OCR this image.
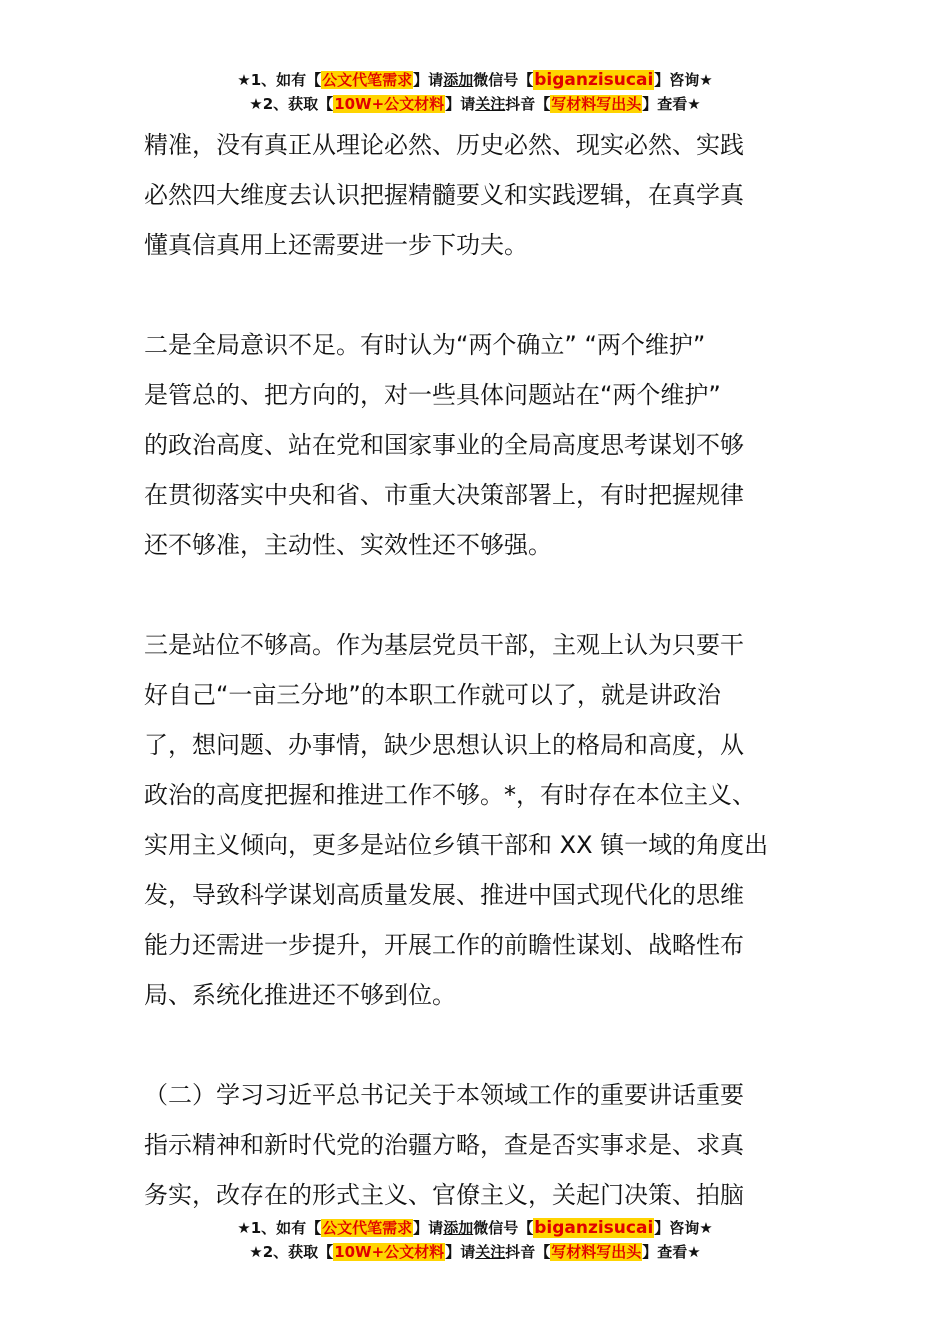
★1、如有【公文代笔需求】请添加微信号【biganzisucai】咨询★
★2、获取【10W+公文材料】请关注抖音【写材料写出头】查看★
精准，没有真正从理论必然、历史必然、现实必然、实践
必然四大维度去认识把握精髓要义和实践逻辑，在真学真
懂真信真用上还需要进一步下功夫。
二是全局意识不足。有时认为“两个确立” “两个维护”
是管总的、把方向的，对一些具体问题站在“两个维护”
的政治高度、站在党和国家事业的全局高度思考谋划不够
在贯彻落实中央和省、市重大决策部署上，有时把握规律
还不够准，主动性、实效性还不够强。
三是站位不够高。作为基层党员干部，主观上认为只要干
好自己“一亩三分地”的本职工作就可以了，就是讲政治
了，想问题、办事情，缺少思想认识上的格局和高度，从
政治的高度把握和推进工作不够。*，有时存在本位主义、
实用主义倾向，更多是站位乡镇干部和 XX 镇一域的角度出
发，导致科学谋划高质量发展、推进中国式现代化的思维
能力还需进一步提升，开展工作的前瞻性谋划、战略性布
局、系统化推进还不够到位。
（二）学习习近平总书记关于本领域工作的重要讲话重要
指示精神和新时代党的治疆方略，查是否实事求是、求真
务实，改存在的形式主义、官僚主义，关起门决策、拍脑
★1、如有【公文代笔需求】请添加微信号【biganzisucai】咨询★
★2、获取【10W+公文材料】请关注抖音【写材料写出头】查看★
